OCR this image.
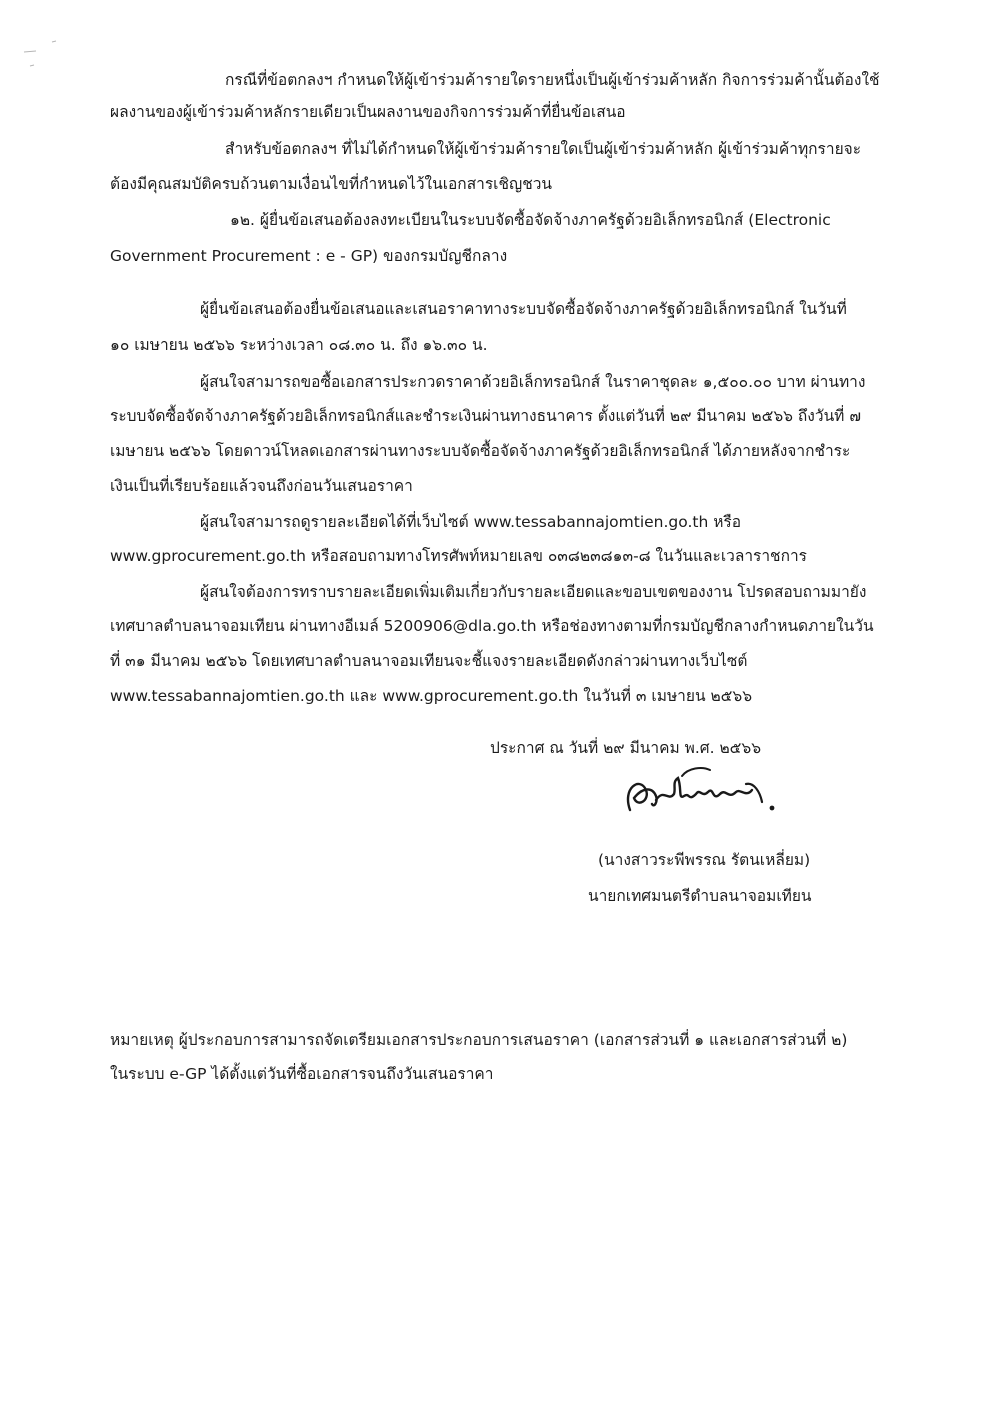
กรณีที่ข้อตกลงฯ กำหนดให้ผู้เข้าร่วมค้ารายใดรายหนึ่งเป็นผู้เข้าร่วมค้าหลัก กิจการร่วมค้านั้นต้องใช้
ผลงานของผู้เข้าร่วมค้าหลักรายเดียวเป็นผลงานของกิจการร่วมค้าที่ยื่นข้อเสนอ
สำหรับข้อตกลงฯ ที่ไม่ได้กำหนดให้ผู้เข้าร่วมค้ารายใดเป็นผู้เข้าร่วมค้าหลัก ผู้เข้าร่วมค้าทุกรายจะ
ต้องมีคุณสมบัติครบถ้วนตามเงื่อนไขที่กำหนดไว้ในเอกสารเชิญชวน
๑๒. ผู้ยื่นข้อเสนอต้องลงทะเบียนในระบบจัดซื้อจัดจ้างภาครัฐด้วยอิเล็กทรอนิกส์ (Electronic
Government Procurement : e - GP) ของกรมบัญชีกลาง
ผู้ยื่นข้อเสนอต้องยื่นข้อเสนอและเสนอราคาทางระบบจัดซื้อจัดจ้างภาครัฐด้วยอิเล็กทรอนิกส์ ในวันที่
๑๐ เมษายน ๒๕๖๖ ระหว่างเวลา ๐๘.๓๐ น. ถึง ๑๖.๓๐ น.
ผู้สนใจสามารถขอซื้อเอกสารประกวดราคาด้วยอิเล็กทรอนิกส์ ในราคาชุดละ ๑,๕๐๐.๐๐ บาท ผ่านทาง
ระบบจัดซื้อจัดจ้างภาครัฐด้วยอิเล็กทรอนิกส์และชำระเงินผ่านทางธนาคาร ตั้งแต่วันที่ ๒๙ มีนาคม ๒๕๖๖ ถึงวันที่ ๗
เมษายน ๒๕๖๖ โดยดาวน์โหลดเอกสารผ่านทางระบบจัดซื้อจัดจ้างภาครัฐด้วยอิเล็กทรอนิกส์ ได้ภายหลังจากชำระ
เงินเป็นที่เรียบร้อยแล้วจนถึงก่อนวันเสนอราคา
ผู้สนใจสามารถดูรายละเอียดได้ที่เว็บไซต์ www.tessabannajomtien.go.th หรือ
www.gprocurement.go.th หรือสอบถามทางโทรศัพท์หมายเลข ๐๓๘๒๓๘๑๓-๘ ในวันและเวลาราชการ
ผู้สนใจต้องการทราบรายละเอียดเพิ่มเติมเกี่ยวกับรายละเอียดและขอบเขตของงาน โปรดสอบถามมายัง
เทศบาลตำบลนาจอมเทียน ผ่านทางอีเมล์ 5200906@dla.go.th หรือช่องทางตามที่กรมบัญชีกลางกำหนดภายในวัน
ที่ ๓๑ มีนาคม ๒๕๖๖ โดยเทศบาลตำบลนาจอมเทียนจะชี้แจงรายละเอียดดังกล่าวผ่านทางเว็บไซต์
www.tessabannajomtien.go.th และ www.gprocurement.go.th ในวันที่ ๓ เมษายน ๒๕๖๖
ประกาศ ณ วันที่ ๒๙ มีนาคม พ.ศ. ๒๕๖๖
(นางสาวระพีพรรณ รัตนเหลี่ยม)
นายกเทศมนตรีตำบลนาจอมเทียน
หมายเหตุ ผู้ประกอบการสามารถจัดเตรียมเอกสารประกอบการเสนอราคา (เอกสารส่วนที่ ๑ และเอกสารส่วนที่ ๒)
ในระบบ e-GP ได้ตั้งแต่วันที่ซื้อเอกสารจนถึงวันเสนอราคา
